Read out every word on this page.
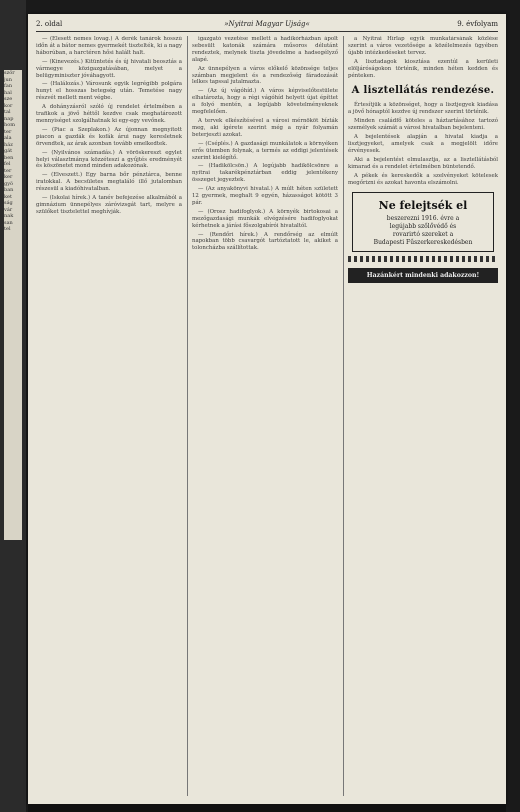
ször
jun
fan
hal
sze
kor
tal
nap
hom
ter
ala
ház
gát
ben
fel
ter
ker
gyö
ban
ket
ság
vár
nak
san
tel
2. oldal	»Nyitrai Magyar Ujság«	9. évfolyam

— (Elesett nemes lovag.) A derék tanárok hosszú időn át a bátor nemes gyermekét tisztelték, ki a nagy háborúban, a harctéren hősi halált halt.

— (Kinevezés.) Kitüntetés és új hivatali beosztás a vármegye közigazgatásában, melyet a belügyminiszter jóváhagyott.

— (Halálozás.) Városunk egyik legrégibb polgára hunyt el hosszas betegség után. Temetése nagy részvét mellett ment végbe.

A dohányzásról szóló új rendelet értelmében a trafikok a jövő héttől kezdve csak meghatározott mennyiséget szolgálhatnak ki egy-egy vevőnek.

— (Piac a Szeplakon.) Az újonnan megnyitott piacon a gazdák és kofák árui nagy keresletnek örvendtek, az árak azonban tovább emelkedtek.

— (Nyilvános számadás.) A vöröskereszt egylet helyi választmánya közzéteszi a gyűjtés eredményét és köszönetet mond minden adakozónak.

— (Elveszett.) Egy barna bőr pénztárca, benne iratokkal. A becsületes megtaláló illő jutalomban részesül a kiadóhivatalban.

— (Iskolai hírek.) A tanév befejezése alkalmából a gimnázium ünnepélyes záróvizsgát tart, melyre a szülőket tisztelettel meghívják.

igazgató vezetése mellett a hadikórházban ápolt sebesült katonák számára műsoros délutánt rendeztek, melynek tiszta jövedelme a hadsegélyző alapé.

Az ünnepélyen a város előkelő közönsége teljes számban megjelent és a rendezőség fáradozását lelkes tapssal jutalmazta.

— (Az új vágóhíd.) A város képviselőtestülete elhatározta, hogy a régi vágóhíd helyett újat építtet a folyó mentén, a legújabb követelményeknek megfelelően.

A tervek elkészítésével a városi mérnököt bízták meg, aki ígérete szerint még a nyár folyamán beterjeszti azokat.

— (Cséplés.) A gazdasági munkálatok a környéken erős ütemben folynak, a termés az eddigi jelentések szerint kielégítő.

— (Hadikölcsön.) A legújabb hadikölcsönre a nyitrai takarékpénztárban eddig jelentékeny összeget jegyeztek.

— (Az anyakönyvi hivatal.) A múlt héten született 12 gyermek, meghalt 9 egyén, házasságot kötött 3 pár.

— (Orosz hadifoglyok.) A környék birtokosai a mezőgazdasági munkák elvégzésére hadifoglyokat kérhetnek a járási főszolgabírói hivataltól.

— (Rendőri hírek.) A rendőrség az elmúlt napokban több csavargót tartóztatott le, akiket a toloncházba szállítottak.

a Nyitrai Hírlap egyik munkatársának közlése szerint a város vezetősége a közélelmezés ügyében újabb intézkedéseket tervez.

A lisztadagok kiosztása ezentúl a kerületi elöljáróságokon történik, minden héten kedden és pénteken.

A lisztellátás rendezése.

Értesítjük a közönséget, hogy a lisztjegyek kiadása a jövő hónaptól kezdve új rendszer szerint történik.

Minden családfő köteles a háztartásához tartozó személyek számát a városi hivatalban bejelenteni.

A bejelentések alapján a hivatal kiadja a lisztjegyeket, amelyek csak a megjelölt időre érvényesek.

Aki a bejelentést elmulasztja, az a lisztellátásból kimarad és a rendelet értelmében büntetendő.

A pékek és kereskedők a szelvényeket kötelesek megőrizni és azokat havonta elszámolni.

Ne felejtsék el
beszerezni 1916. évre a
legújabb szőlővédő és
rovarirtó szereket a
Budapesti Fűszerkereskedésben
Hazánkért mindenki adakozzon!
